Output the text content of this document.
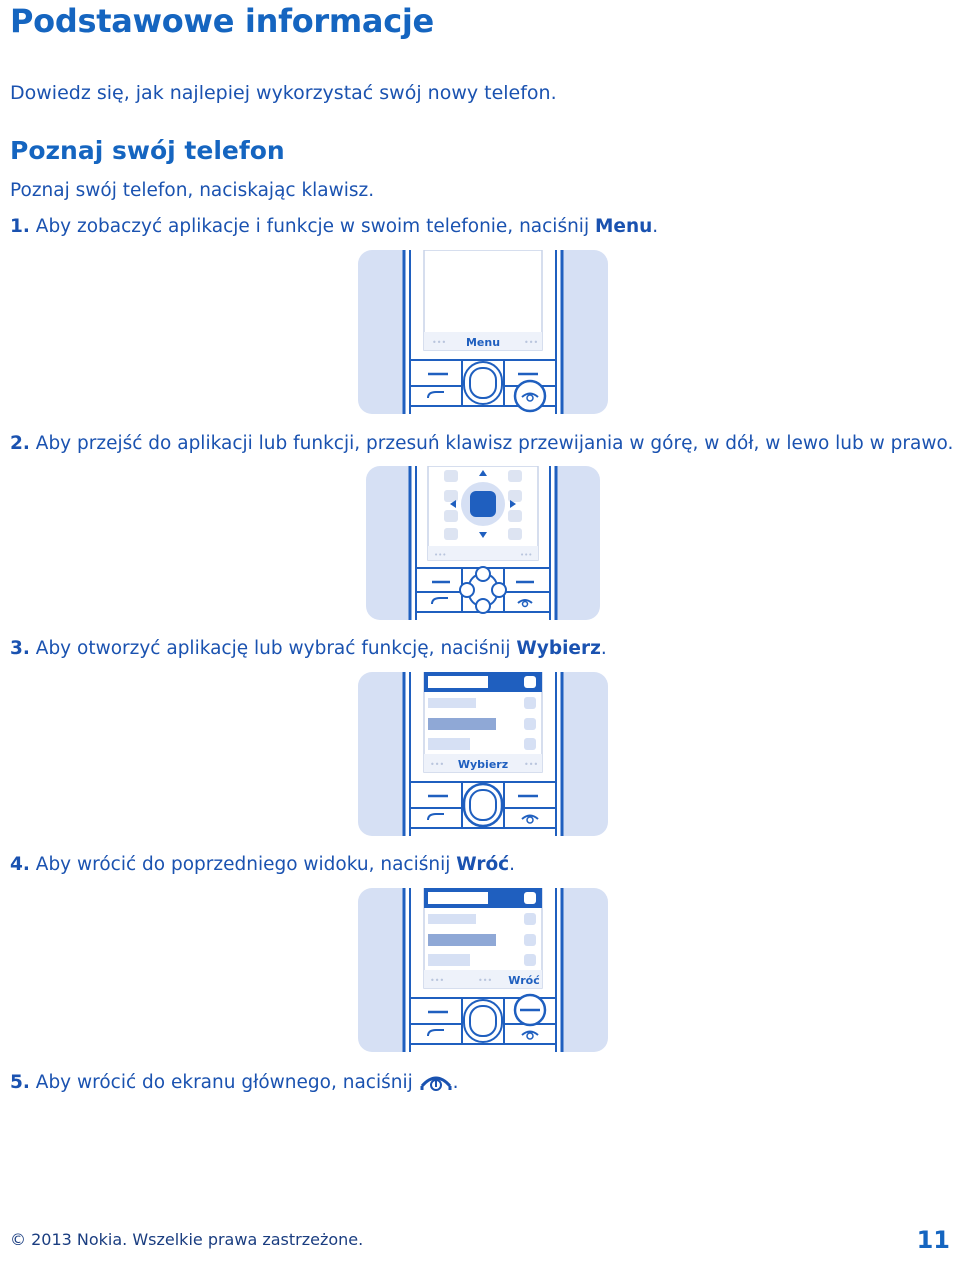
Podstawowe informacje
Dowiedz się, jak najlepiej wykorzystać swój nowy telefon.
Poznaj swój telefon
Poznaj swój telefon, naciskając klawisz.
1. Aby zobaczyć aplikacje i funkcje w swoim telefonie, naciśnij Menu.
•••	•••
Menu
2. Aby przejść do aplikacji lub funkcji, przesuń klawisz przewijania w górę, w dół, w lewo lub w prawo.
•••	•••
3. Aby otworzyć aplikację lub wybrać funkcję, naciśnij Wybierz.
•••	•••
Wybierz
4. Aby wrócić do poprzedniego widoku, naciśnij Wróć.
•••	••• Wróć
5. Aby wrócić do ekranu głównego, naciśnij .
© 2013 Nokia. Wszelkie prawa zastrzeżone.	11
